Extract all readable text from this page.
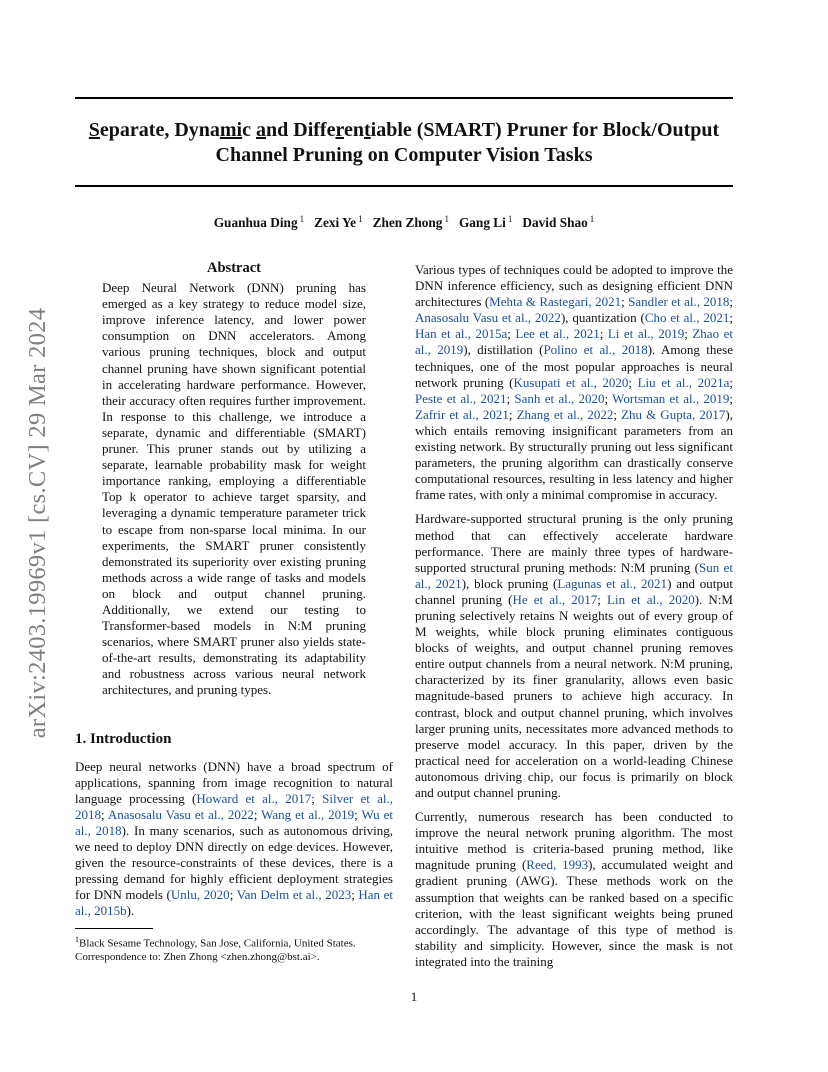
Separate, Dynamic and Differentiable (SMART) Pruner for Block/Output
Channel Pruning on Computer Vision Tasks
Guanhua Ding $^1$ Zexi Ye $^1$ Zhen Zhong $^1$ Gang Li $^1$ David Shao $^1$
arXiv:2403.19969v1 [cs.CV] 29 Mar 2024
Abstract

Deep Neural Network (DNN) pruning has emerged as a key strategy to reduce model size, improve inference latency, and lower power consumption on DNN accelerators. Among various pruning techniques, block and output channel pruning have shown significant potential in accelerating hardware performance. However, their accuracy often requires further improvement. In response to this challenge, we introduce a separate, dynamic and differentiable (SMART) pruner. This pruner stands out by utilizing a separate, learnable probability mask for weight importance ranking, employing a differentiable Top k operator to achieve target sparsity, and leveraging a dynamic temperature parameter trick to escape from non-sparse local minima. In our experiments, the SMART pruner consistently demonstrated its superiority over existing pruning methods across a wide range of tasks and models on block and output channel pruning. Additionally, we extend our testing to Transformer-based models in N:M pruning scenarios, where SMART pruner also yields state-of-the-art results, demonstrating its adaptability and robustness across various neural network architectures, and pruning types.

1. Introduction

Deep neural networks (DNN) have a broad spectrum of applications, spanning from image recognition to natural language processing (Howard et al., 2017; Silver et al., 2018; Anasosalu Vasu et al., 2022; Wang et al., 2019; Wu et al., 2018). In many scenarios, such as autonomous driving, we need to deploy DNN directly on edge devices. However, given the resource-constraints of these devices, there is a pressing demand for highly efficient deployment strategies for DNN models (Unlu, 2020; Van Delm et al., 2023; Han et al., 2015b).

$^1$Black Sesame Technology, San Jose, California, United States. Correspondence to: Zhen Zhong <zhen.zhong@bst.ai>.

Various types of techniques could be adopted to improve the DNN inference efficiency, such as designing efficient DNN architectures (Mehta & Rastegari, 2021; Sandler et al., 2018; Anasosalu Vasu et al., 2022), quantization (Cho et al., 2021; Han et al., 2015a; Lee et al., 2021; Li et al., 2019; Zhao et al., 2019), distillation (Polino et al., 2018). Among these techniques, one of the most popular approaches is neural network pruning (Kusupati et al., 2020; Liu et al., 2021a; Peste et al., 2021; Sanh et al., 2020; Wortsman et al., 2019; Zafrir et al., 2021; Zhang et al., 2022; Zhu & Gupta, 2017), which entails removing insignificant parameters from an existing network. By structurally pruning out less significant parameters, the pruning algorithm can drastically conserve computational resources, resulting in less latency and higher frame rates, with only a minimal compromise in accuracy.

Hardware-supported structural pruning is the only pruning method that can effectively accelerate hardware performance. There are mainly three types of hardware-supported structural pruning methods: N:M pruning (Sun et al., 2021), block pruning (Lagunas et al., 2021) and output channel pruning (He et al., 2017; Lin et al., 2020). N:M pruning selectively retains N weights out of every group of M weights, while block pruning eliminates contiguous blocks of weights, and output channel pruning removes entire output channels from a neural network. N:M pruning, characterized by its finer granularity, allows even basic magnitude-based pruners to achieve high accuracy. In contrast, block and output channel pruning, which involves larger pruning units, necessitates more advanced methods to preserve model accuracy. In this paper, driven by the practical need for acceleration on a world-leading Chinese autonomous driving chip, our focus is primarily on block and output channel pruning.

Currently, numerous research has been conducted to improve the neural network pruning algorithm. The most intuitive method is criteria-based pruning method, like magnitude pruning (Reed, 1993), accumulated weight and gradient pruning (AWG). These methods work on the assumption that weights can be ranked based on a specific criterion, with the least significant weights being pruned accordingly. The advantage of this type of method is stability and simplicity. However, since the mask is not integrated into the training

1
